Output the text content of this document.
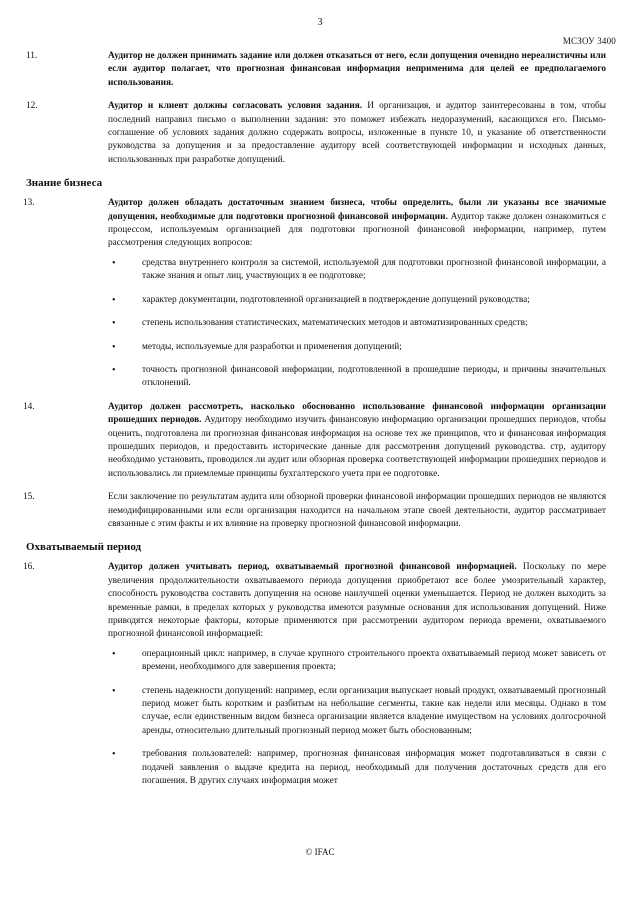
3
МСЗОУ 3400
11.	Аудитор не должен принимать задание или должен отказаться от него, если допущения очевидно нереалистичны или если аудитор полагает, что прогнозная финансовая информация неприменима для целей ее предполагаемого использования.
12.	Аудитор и клиент должны согласовать условия задания. И организация, и аудитор заинтересованы в том, чтобы последний направил письмо о выполнении задания: это поможет избежать недоразумений, касающихся его. Письмо-соглашение об условиях задания должно содержать вопросы, изложенные в пункте 10, и указание об ответственности руководства за допущения и за предоставление аудитору всей соответствующей информации и исходных данных, использованных при разработке допущений.
Знание бизнеса
13.	Аудитор должен обладать достаточным знанием бизнеса, чтобы определить, были ли указаны все значимые допущения, необходимые для подготовки прогнозной финансовой информации. Аудитор также должен ознакомиться с процессом, используемым организацией для подготовки прогнозной финансовой информации, например, путем рассмотрения следующих вопросов:
•	средства внутреннего контроля за системой, используемой для подготовки прогнозной финансовой информации, а также знания и опыт лиц, участвующих в ее подготовке;
•	характер документации, подготовленной организацией в подтверждение допущений руководства;
•	степень использования статистических, математических методов и автоматизированных средств;
•	методы, используемые для разработки и применения допущений;
•	точность прогнозной финансовой информации, подготовленной в прошедшие периоды, и причины значительных отклонений.
14.	Аудитор должен рассмотреть, насколько обоснованно использование финансовой информации организации прошедших периодов. Аудитору необходимо изучить финансовую информацию организации прошедших периодов, чтобы оценить, подготовлена ли прогнозная финансовая информация на основе тех же принципов, что и финансовая информация прошедших периодов, и предоставить исторические данные для рассмотрения допущений руководства. стр, аудитору необходимо установить, проводился ли аудит или обзорная проверка соответствующей информации прошедших периодов и использовались ли приемлемые принципы бухгалтерского учета при ее подготовке.
15.	Если заключение по результатам аудита или обзорной проверки финансовой информации прошедших периодов не являются немодифицированными или если организация находится на начальном этапе своей деятельности, аудитор рассматривает связанные с этим факты и их влияние на проверку прогнозной финансовой информации.
Охватываемый период
16.	Аудитор должен учитывать период, охватываемый прогнозной финансовой информацией. Поскольку по мере увеличения продолжительности охватываемого периода допущения приобретают все более умозрительный характер, способность руководства составить допущения на основе наилучшей оценки уменьшается. Период не должен выходить за временные рамки, в пределах которых у руководства имеются разумные основания для использования допущений. Ниже приводятся некоторые факторы, которые применяются при рассмотрении аудитором периода времени, охватываемого прогнозной финансовой информацией:
•	операционный цикл: например, в случае крупного строительного проекта охватываемый период может зависеть от времени, необходимого для завершения проекта;
•	степень надежности допущений: например, если организация выпускает новый продукт, охватываемый прогнозный период может быть коротким и разбитым на небольшие сегменты, такие как недели или месяцы. Однако в том случае, если единственным видом бизнеса организации является владение имуществом на условиях долгосрочной аренды, относительно длительный прогнозный период может быть обоснованным;
•	требования пользователей: например, прогнозная финансовая информация может подготавливаться в связи с подачей заявления о выдаче кредита на период, необходимый для получения достаточных средств для его погашения. В других случаях информация может
© IFAC
